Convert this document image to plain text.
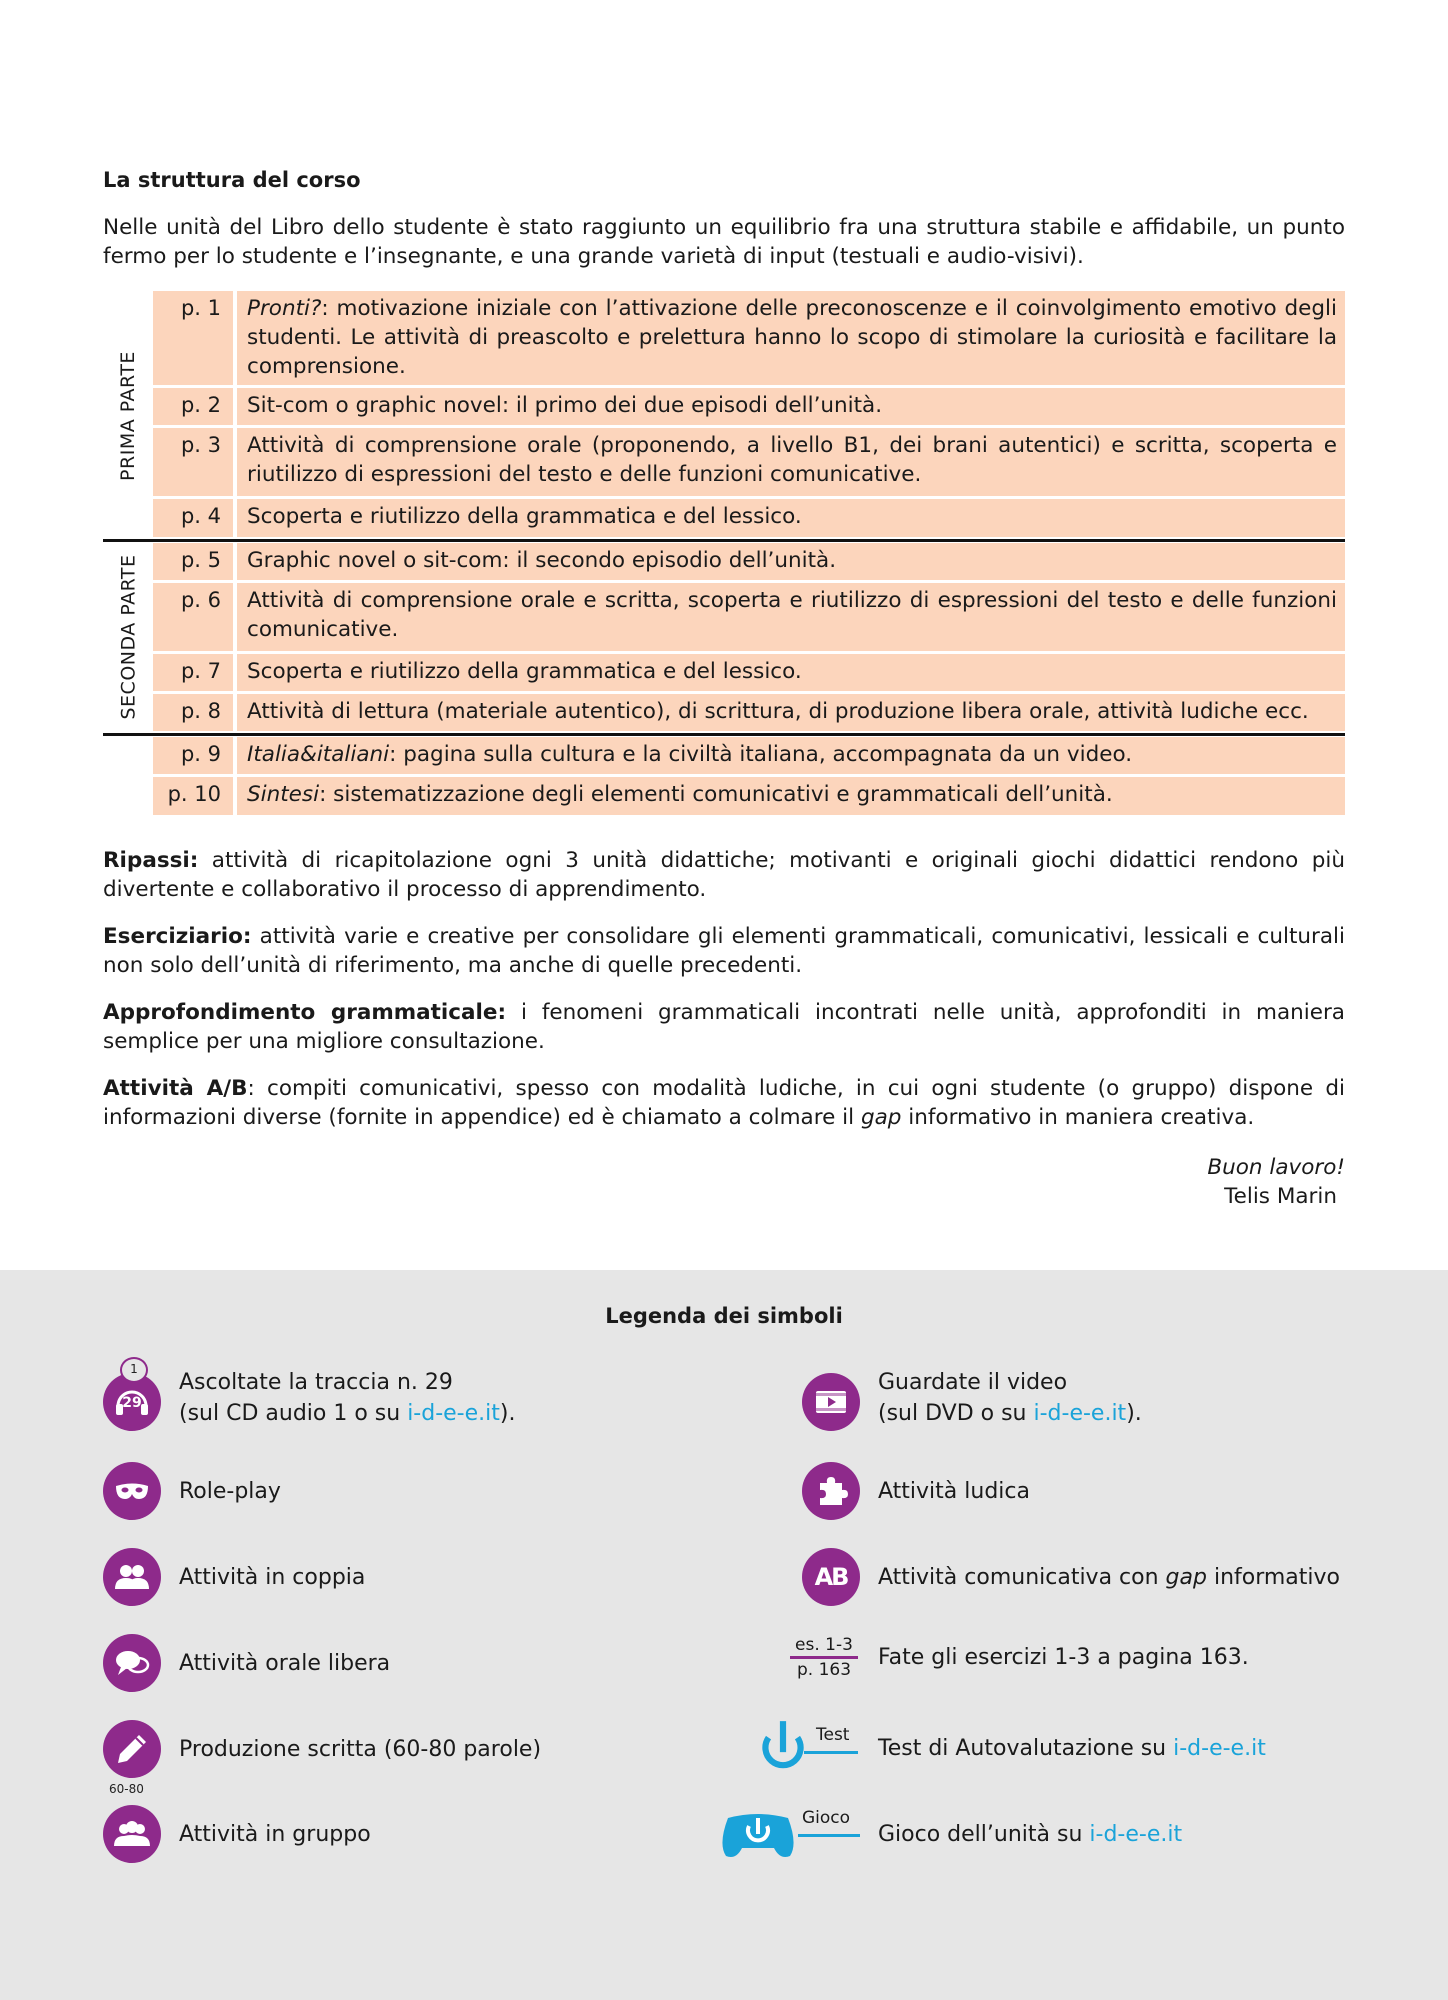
La struttura del corso

Nelle unità del Libro dello studente è stato raggiunto un equilibrio fra una struttura stabile e affidabile, un punto fermo per lo studente e l’insegnante, e una grande varietà di input (testuali e audio-visivi).

PRIMA PARTE
SECONDA PARTE
p. 1	Pronti?: motivazione iniziale con l’attivazione delle preconoscenze e il coinvolgimento emotivo degli studenti. Le attività di preascolto e prelettura hanno lo scopo di stimolare la curiosità e facilitare la comprensione.
p. 2	Sit-com o graphic novel: il primo dei due episodi dell’unità.
p. 3	Attività di comprensione orale (proponendo, a livello B1, dei brani autentici) e scritta, scoperta e riutilizzo di espressioni del testo e delle funzioni comunicative.
p. 4	Scoperta e riutilizzo della grammatica e del lessico.
p. 5	Graphic novel o sit-com: il secondo episodio dell’unità.
p. 6	Attività di comprensione orale e scritta, scoperta e riutilizzo di espressioni del testo e delle funzioni comunicative.
p. 7	Scoperta e riutilizzo della grammatica e del lessico.
p. 8	Attività di lettura (materiale autentico), di scrittura, di produzione libera orale, attività ludiche ecc.
p. 9	Italia&italiani: pagina sulla cultura e la civiltà italiana, accompagnata da un video.
p. 10	Sintesi: sistematizzazione degli elementi comunicativi e grammaticali dell’unità.

Ripassi: attività di ricapitolazione ogni 3 unità didattiche; motivanti e originali giochi didattici rendono più divertente e collaborativo il processo di apprendimento.

Eserciziario: attività varie e creative per consolidare gli elementi grammaticali, comunicativi, lessicali e culturali non solo dell’unità di riferimento, ma anche di quelle precedenti.

Approfondimento grammaticale: i fenomeni grammaticali incontrati nelle unità, approfonditi in maniera semplice per una migliore consultazione.

Attività A/B: compiti comunicativi, spesso con modalità ludiche, in cui ogni studente (o gruppo) dispone di informazioni diverse (fornite in appendice) ed è chiamato a colmare il gap informativo in maniera creativa.

Buon lavoro!
Telis Marin
Legenda dei simboli
1
29
Ascoltate la traccia n. 29
(sul CD audio 1 o su i-d-e-e.it).
Role-play
Attività in coppia
Attività orale libera
60-80
Produzione scritta (60-80 parole)
Attività in gruppo
Guardate il video
(sul DVD o su i-d-e-e.it).
Attività ludica
AB Attività comunicativa con gap informativo
es. 1-3
p. 163	Fate gli esercizi 1-3 a pagina 163.
Test
Test di Autovalutazione su i-d-e-e.it
Gioco
Gioco dell’unità su i-d-e-e.it
